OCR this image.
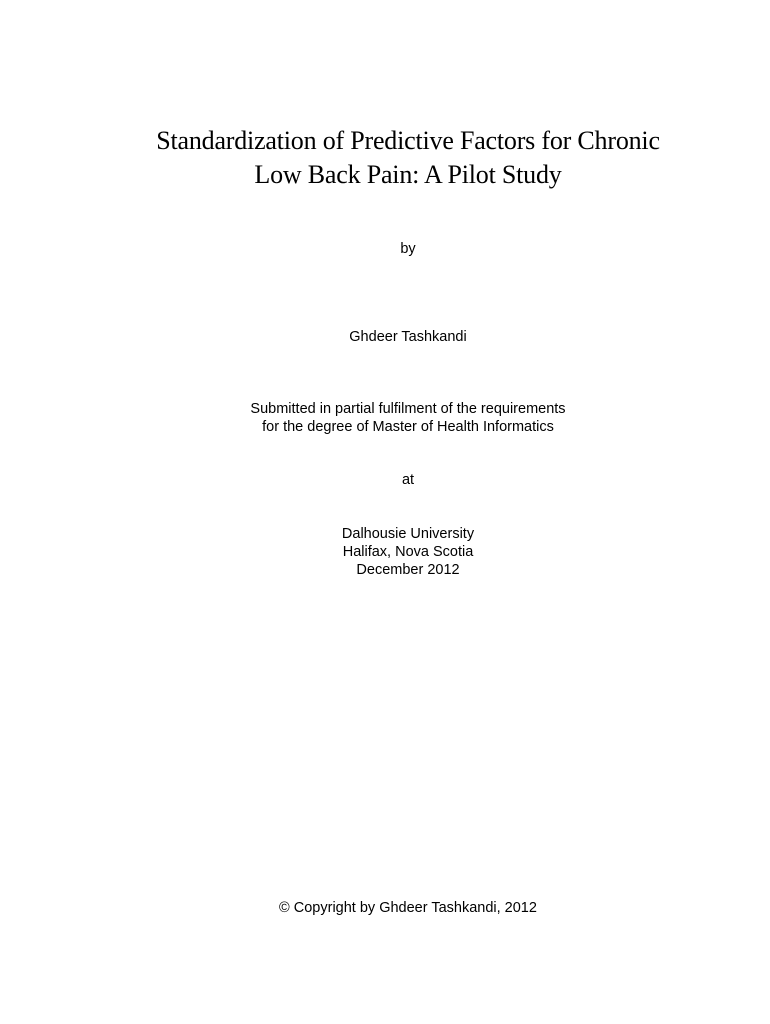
Standardization of Predictive Factors for Chronic
Low Back Pain: A Pilot Study
by
Ghdeer Tashkandi
Submitted in partial fulfilment of the requirements
for the degree of Master of Health Informatics
at
Dalhousie University
Halifax, Nova Scotia
December 2012
© Copyright by Ghdeer Tashkandi, 2012
